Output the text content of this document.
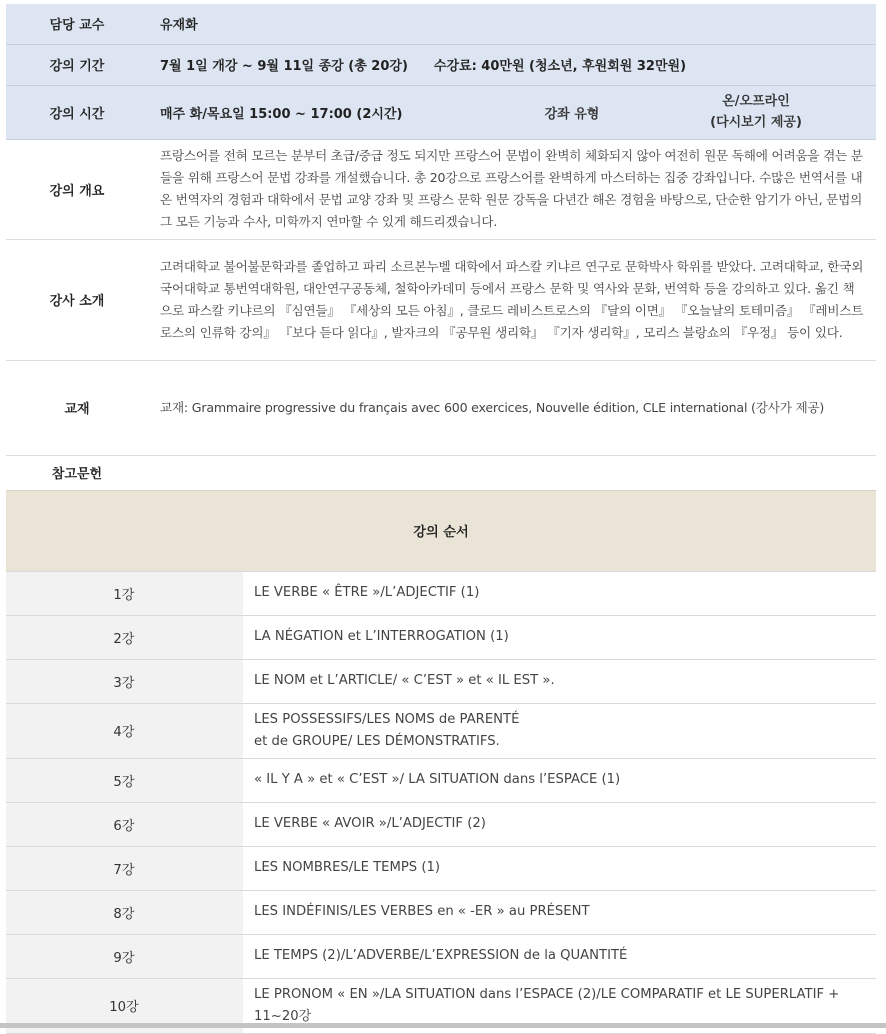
담당 교수	유재화		
강의 기간	7월 1일 개강 ~ 9월 11일 종강 (총 20강) 수강료: 40만원 (청소년, 후원회원 32만원)		
강의 시간	매주 화/목요일 15:00 ~ 17:00 (2시간)	강좌 유형	온/오프라인
(다시보기 제공)

강의 개요	프랑스어를 전혀 모르는 분부터 초급/중급 정도 되지만 프랑스어 문법이 완벽히 체화되지 않아 여전히 원문 독해에 어려움을 겪는 분들을 위해 프랑스어 문법 강좌를 개설했습니다. 총 20강으로 프랑스어를 완벽하게 마스터하는 집중 강좌입니다. 수많은 번역서를 내온 번역자의 경험과 대학에서 문법 교양 강좌 및 프랑스 문학 원문 강독을 다년간 해온 경험을 바탕으로, 단순한 암기가 아닌, 문법의 그 모든 기능과 수사, 미학까지 연마할 수 있게 해드리겠습니다.		
강사 소개	고려대학교 불어불문학과를 졸업하고 파리 소르본누벨 대학에서 파스칼 키냐르 연구로 문학박사 학위를 받았다. 고려대학교, 한국외국어대학교 통번역대학원, 대안연구공동체, 철학아카데미 등에서 프랑스 문학 및 역사와 문화, 번역학 등을 강의하고 있다. 옮긴 책으로 파스칼 키냐르의 『심연들』 『세상의 모든 아침』, 클로드 레비스트로스의 『달의 이면』 『오늘날의 토테미즘』 『레비스트로스의 인류학 강의』 『보다 듣다 읽다』, 발자크의 『공무원 생리학』 『기자 생리학』, 모리스 블랑쇼의 『우정』 등이 있다.		
교재	교재: Grammaire progressive du français avec 600 exercices, Nouvelle édition, CLE international (강사가 제공)		
참고문헌			
강의 순서	
1강	LE VERBE « ÊTRE »/L’ADJECTIF (1)
2강	LA NÉGATION et L’INTERROGATION (1)
3강	LE NOM et L’ARTICLE/ « C’EST » et « IL EST ».
4강	LES POSSESSIFS/LES NOMS de PARENTÉ
et de GROUPE/ LES DÉMONSTRATIFS.

5강	« IL Y A » et « C’EST »/ LA SITUATION dans l’ESPACE (1)
6강	LE VERBE « AVOIR »/L’ADJECTIF (2)
7강	LES NOMBRES/LE TEMPS (1)
8강	LES INDÉFINIS/LES VERBES en « -ER » au PRÉSENT
9강	LE TEMPS (2)/L’ADVERBE/L’EXPRESSION de la QUANTITÉ
10강	LE PRONOM « EN »/LA SITUATION dans l’ESPACE (2)/LE COMPARATIF et LE SUPERLATIF +
11~20강
